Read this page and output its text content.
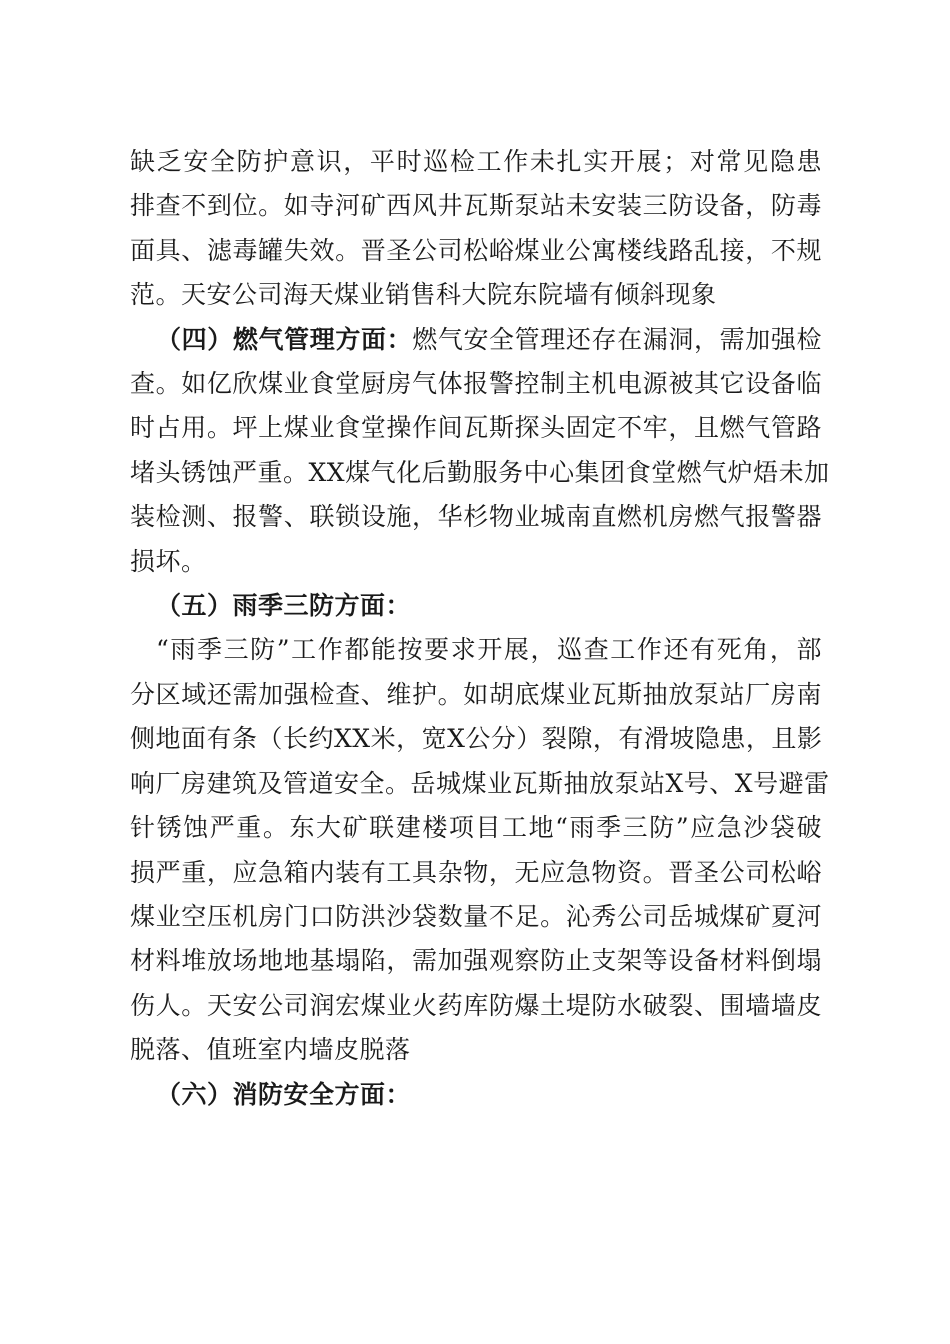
缺乏安全防护意识，平时巡检工作未扎实开展；对常见隐患
排查不到位。如寺河矿西风井瓦斯泵站未安装三防设备，防毒
面具、滤毒罐失效。晋圣公司松峪煤业公寓楼线路乱接，不规
范。天安公司海天煤业销售科大院东院墙有倾斜现象
（四）燃气管理方面：燃气安全管理还存在漏洞，需加强检
查。如亿欣煤业食堂厨房气体报警控制主机电源被其它设备临
时占用。坪上煤业食堂操作间瓦斯探头固定不牢，且燃气管路
堵头锈蚀严重。XX煤气化后勤服务中心集团食堂燃气炉焐未加
装检测、报警、联锁设施，华杉物业城南直燃机房燃气报警器
损坏。
（五）雨季三防方面：
“雨季三防”工作都能按要求开展，巡查工作还有死角，部
分区域还需加强检查、维护。如胡底煤业瓦斯抽放泵站厂房南
侧地面有条（长约XX米，宽X公分）裂隙，有滑坡隐患，且影
响厂房建筑及管道安全。岳城煤业瓦斯抽放泵站X号、X号避雷
针锈蚀严重。东大矿联建楼项目工地“雨季三防”应急沙袋破
损严重，应急箱内装有工具杂物，无应急物资。晋圣公司松峪
煤业空压机房门口防洪沙袋数量不足。沁秀公司岳城煤矿夏河
材料堆放场地地基塌陷，需加强观察防止支架等设备材料倒塌
伤人。天安公司润宏煤业火药库防爆土堤防水破裂、围墙墙皮
脱落、值班室内墙皮脱落
（六）消防安全方面：
